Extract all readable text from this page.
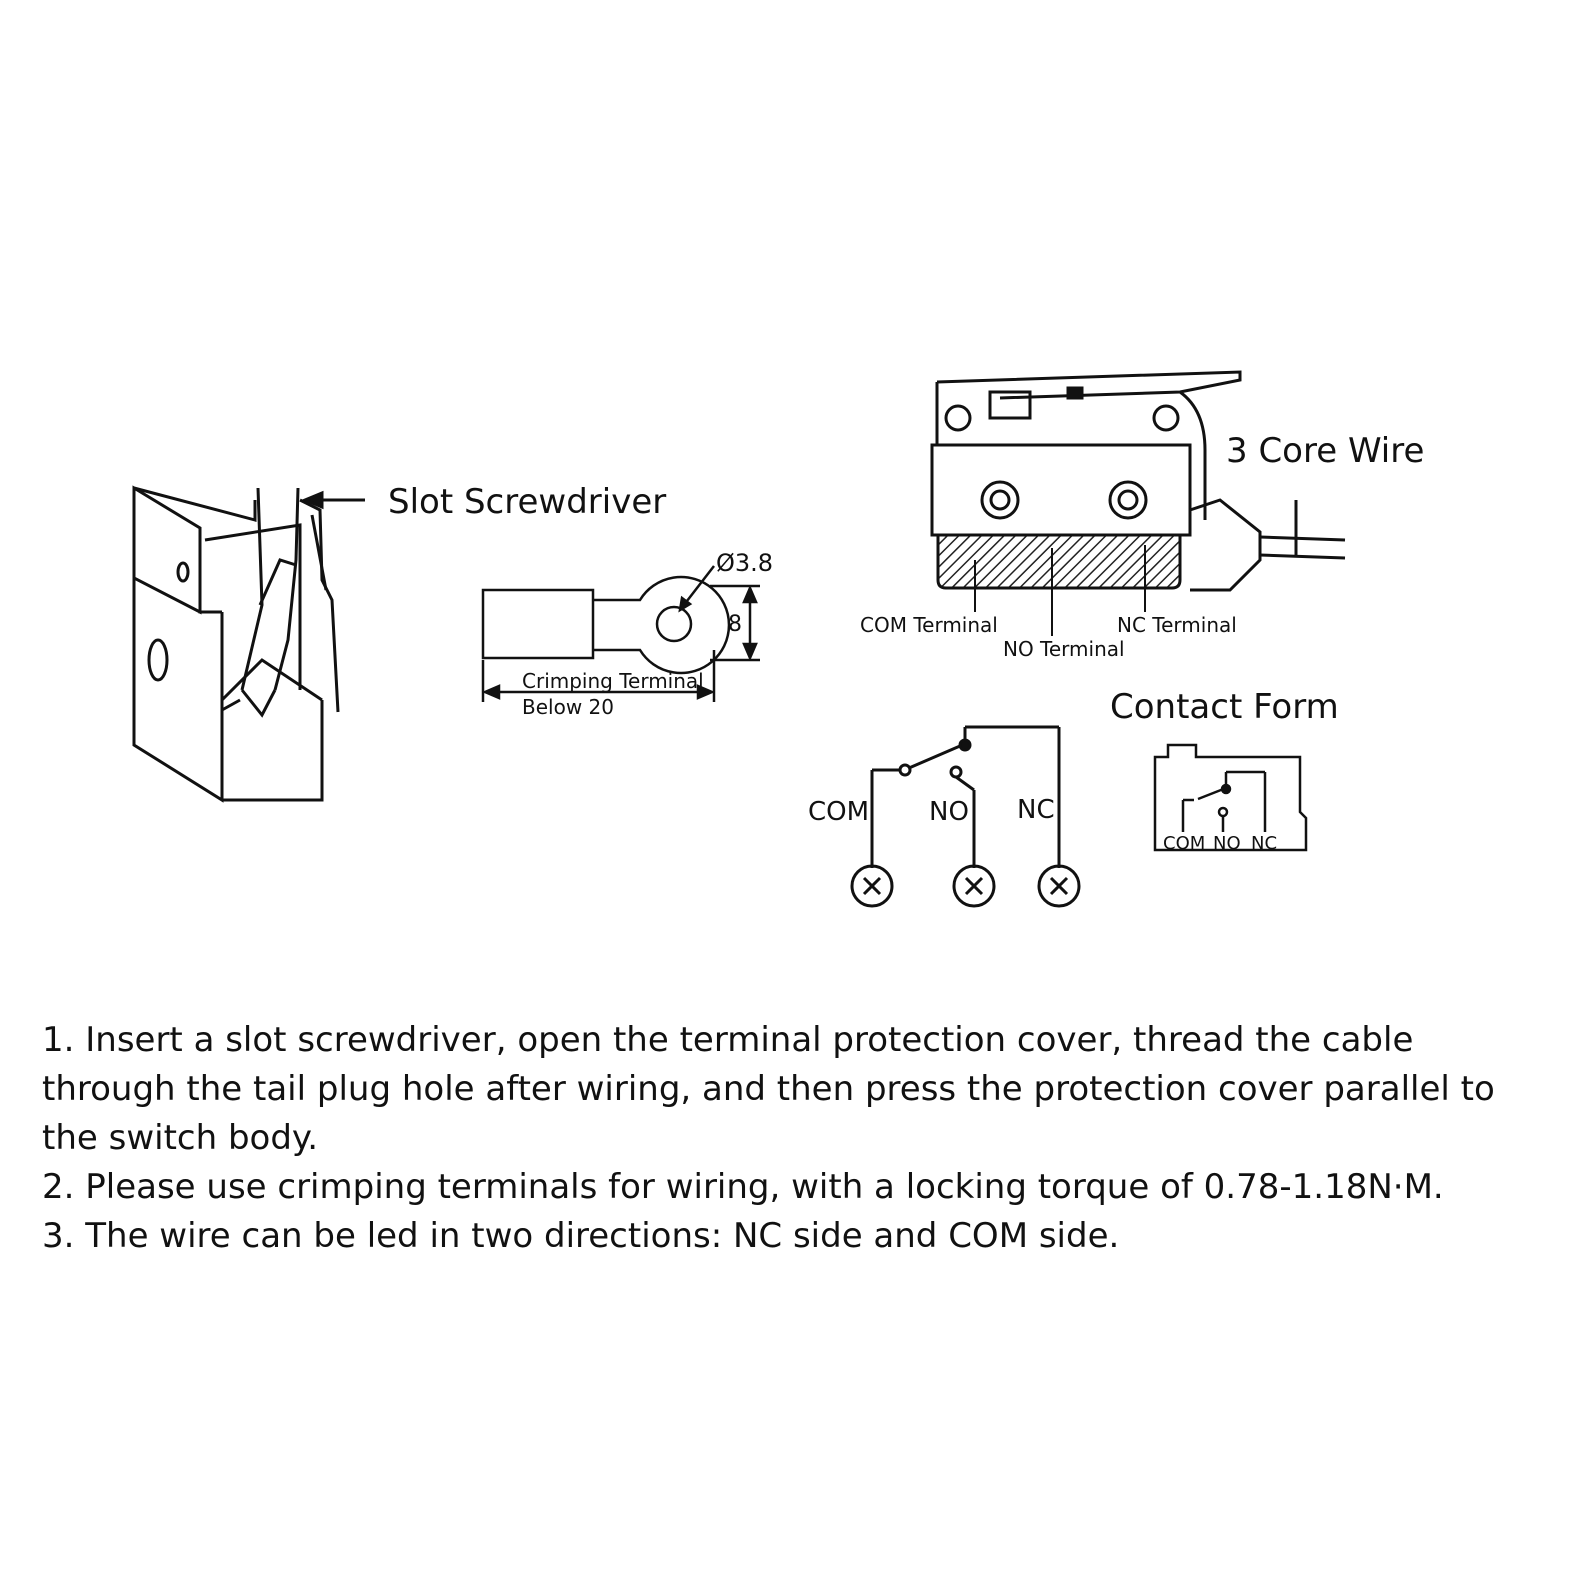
Slot Screwdriver
Ø3.8
8
Crimping Terminal
Below 20
3 Core Wire
COM Terminal
NO Terminal
NC Terminal
COM NO NC
Contact Form
COM NO NC

1. Insert a slot screwdriver, open the terminal protection cover, thread the cable through the tail plug hole after wiring, and then press the protection cover parallel to the switch body.

2. Please use crimping terminals for wiring, with a locking torque of 0.78-1.18N·M.

3. The wire can be led in two directions: NC side and COM side.
